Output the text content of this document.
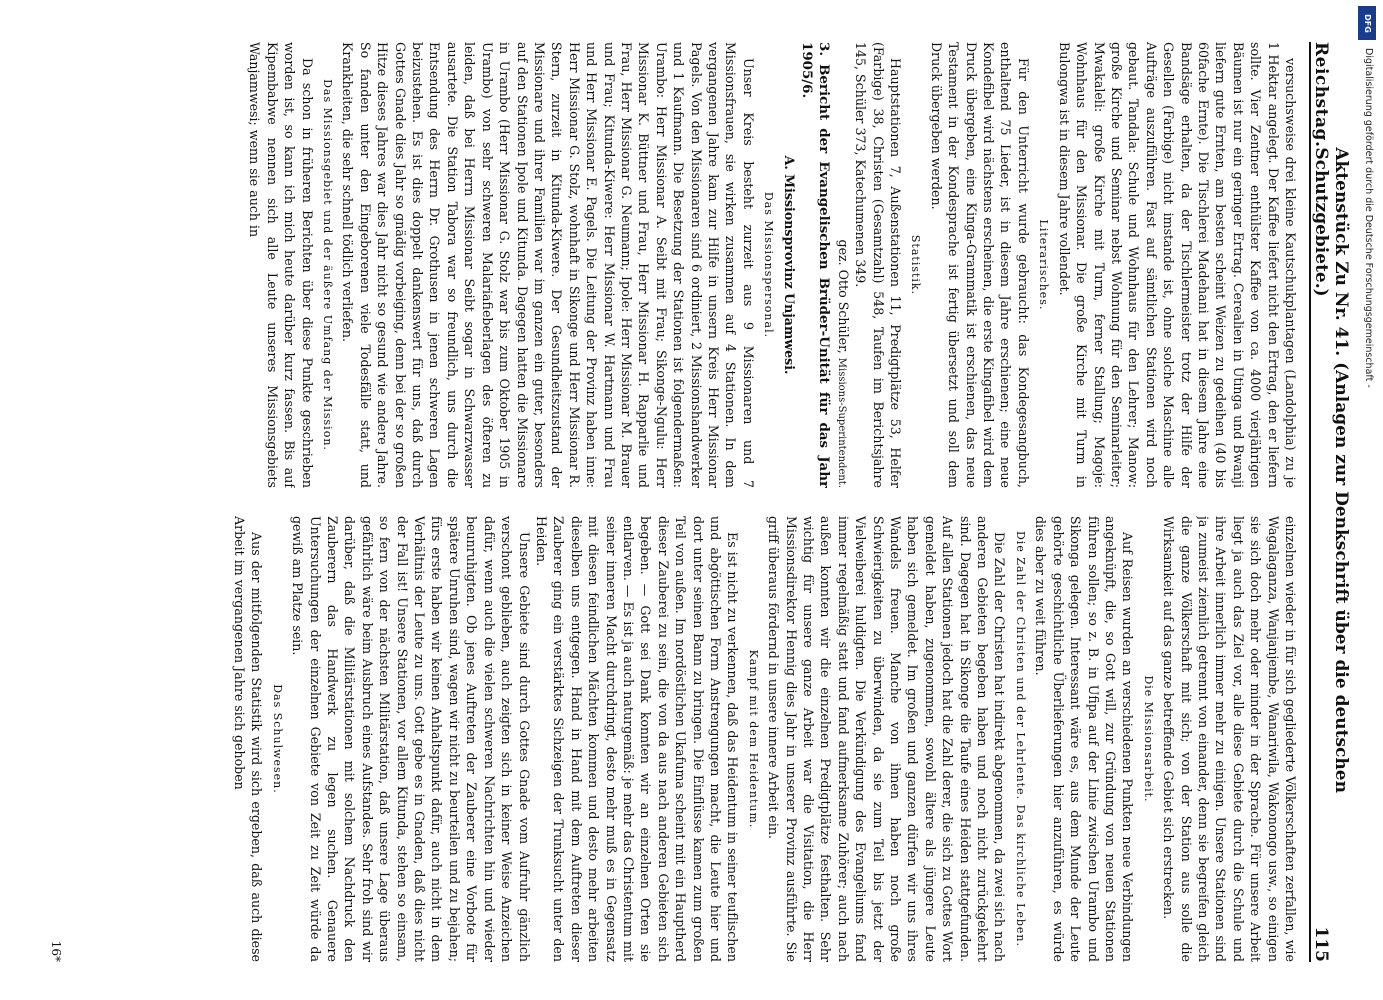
Reichstag.
Aktenstück Zu Nr. 41. (Anlagen zur Denkschrift über die deutschen Schutzgebiete.)
115

versuchsweise drei kleine Kautschukplantagen (Landolphia) zu je 1 Hektar angelegt. Der Kaffee liefert nicht den Ertrag, den er liefern sollte. Vier Zentner enthülster Kaffee von ca. 4000 vierjährigen Bäumen ist nur ein geringer Ertrag. Cerealien in Utinga und Bwanji liefern gute Ernten, am besten scheint Weizen zu gedeihen (40 bis 60fache Ernte). Die Tischlerei Madehani hat in diesem Jahre eine Bandsäge erhalten, da der Tischlermeister trotz der Hilfe der Gesellen (Farbige) nicht imstande ist, ohne solche Maschine alle Aufträge auszuführen. Fast auf sämtlichen Stationen wird noch gebaut. Tandala: Schule und Wohnhaus für den Lehrer; Manow: große Kirche und Seminar nebst Wohnung für den Seminarleiter; Mwakaleli: große Kirche mit Turm, ferner Stallung; Magoje: Wohnhaus für den Missionar. Die große Kirche mit Turm in Bulongwa ist in diesem Jahre vollendet.

Literarisches.

Für den Unterricht wurde gebraucht: das Kondegesangbuch, enthaltend 75 Lieder, ist in diesem Jahre erschienen; eine neue Kondefibel wird nächstens erscheinen, die erste Kingafibel wird dem Druck übergeben, eine Kinga-Grammatik ist erschienen, das neue Testament in der Kondesprache ist fertig übersetzt und soll dem Druck übergeben werden.

Statistik.

Hauptstationen 7, Außenstationen 11, Predigtplätze 53, Helfer (Farbige) 38, Christen (Gesamtzahl) 548, Taufen im Berichtsjahre 145, Schüler 373, Katechumenen 349.

gez. Otto Schüler, Missions-Superintendent.

3. Bericht der Evangelischen Brüder-Unität für das Jahr 1905/6.

A. Missionsprovinz Unjamwesi.

Das Missionspersonal.

Unser Kreis besteht zurzeit aus 9 Missionaren und 7 Missionsfrauen, sie wirken zusammen auf 4 Stationen. In dem vergangenen Jahre kam zur Hilfe in unsern Kreis Herr Missionar Pagels. Von den Missionaren sind 6 ordiniert, 2 Missionshandwerker und 1 Kaufmann. Die Besetzung der Stationen ist folgendermaßen: Urambo: Herr Missionar A. Seibt mit Frau; Sikonge-Ngulu: Herr Missionar K. Büttner und Frau, Herr Missionar H. Rapparlie und Frau, Herr Missionar G. Neumann; Ipole: Herr Missionar M. Brauer und Frau; Kitunda-Kiwere: Herr Missionar W. Hartmann und Frau und Herr Missionar E. Pagels. Die Leitung der Provinz haben inne: Herr Missionar G. Stolz, wohnhaft in Sikonge und Herr Missionar R. Stern, zurzeit in Kitunda-Kiwere. Der Gesundheitszustand der Missionare und ihrer Familien war im ganzen ein guter, besonders auf den Stationen Ipole und Kitunda. Dagegen hatten die Missionare in Urambo (Herr Missionar G. Stolz war bis zum Oktober 1905 in Urambo) von sehr schweren Malariafieberlagen des öfteren zu leiden, daß bei Herrn Missionar Seibt sogar in Schwarzwasser ausartete. Die Station Tabora war so freundlich, uns durch die Entsendung des Herrn Dr. Grothusen in jenen schweren Lagen beizustehen. Es ist dies doppelt dankenswert für uns, daß durch Gottes Gnade dies Jahr so gnädig vorbeiging, denn bei der so großen Hitze dieses Jahres war dies Jahr nicht so gesund wie andere Jahre. So fanden unter den Eingeborenen viele Todesfälle statt, und Krankheiten, die sehr schnell tödlich verliefen.

Das Missionsgebiet und der äußere Umfang der Mission.

Da schon in früheren Berichten über diese Punkte geschrieben worden ist, so kann ich mich heute darüber kurz fassen. Bis auf Kipembabwe nennen sich alle Leute unseres Missionsgebiets Wanjamwesi; wenn sie auch in

einzelnen wieder in für sich gegliederte Völkerschaften zerfallen, wie Wagalaganza, Wanjanjembe, Wanariwila, Wakonongo usw., so einigen sie sich doch mehr oder minder in der Sprache. Für unsere Arbeit liegt ja auch das Ziel vor, alle diese Gebiete durch die Schule und ihre Arbeit innerlich immer mehr zu einigen. Unsere Stationen sind ja zumeist ziemlich getrennt von einander, denn sie begreifen gleich die ganze Völkerschaft mit sich; von der Station aus solle die Wirksamkeit auf das ganze betreffende Gebiet sich erstrecken.

Die Missionsarbeit.

Auf Reisen wurden an verschiedenen Punkten neue Verbindungen angeknüpft, die, so Gott will, zur Gründung von neuen Stationen führen sollen; so z. B. in Ufipa auf der Linie zwischen Urambo und Sikonga gelegen. Interessant wäre es, aus dem Munde der Leute gehörte geschichtliche Überlieferungen hier anzuführen, es würde dies aber zu weit führen.

Die Zahl der Christen und der Lehrlente. Das kirchliche Leben.

Die Zahl der Christen hat indirekt abgenommen, da zwei sich nach anderen Gebieten begeben haben und noch nicht zurückgekehrt sind. Dagegen hat in Sikonge die Taufe eines Heiden stattgefunden. Auf allen Stationen jedoch hat die Zahl derer, die sich zu Gottes Wort gemeldet haben, zugenommen, sowohl ältere als jüngere Leute haben sich gemeldet. Im großen und ganzen dürfen wir uns ihres Wandels freuen. Manche von ihnen haben noch große Schwierigkeiten zu überwinden, da sie zum Teil bis jetzt der Vielweiberei huldigten. Die Verkündigung des Evangeliums fand immer regelmäßig statt und fand aufmerksame Zuhörer; auch nach außen konnten wir die einzelnen Predigtplätze festhalten. Sehr wichtig für unsere ganze Arbeit war die Visitation, die Herr Missionsdirektor Hennig dies Jahr in unserer Provinz ausführte. Sie griff überaus fördernd in unsere innere Arbeit ein.

Kampf mit dem Heidentum.

Es ist nicht zu verkennen, daß das Heidentum in seiner teuflischen und abgöttischen Form Anstrengungen macht, die Leute hier und dort unter seinen Bann zu bringen. Die Einflüsse kamen zum großen Teil von außen. Im nordöstlichen Ukafuma scheint mit ein Hauptherd dieser Zauberei zu sein, die von da aus nach anderen Gebieten sich begeben. — Gott sei Dank konnten wir an einzelnen Orten sie entlarven. — Es ist ja auch naturgemäß: je mehr das Christentum mit seiner inneren Macht durchdringt, desto mehr muß es in Gegensatz mit diesen feindlichen Mächten kommen und desto mehr arbeiten dieselben uns entgegen. Hand in Hand mit dem Auftreten dieser Zauberer ging ein verstärktes Sichzeigen der Trunksucht unter den Heiden.

Unsere Gebiete sind durch Gottes Gnade vom Aufruhr gänzlich verschont geblieben, auch zeigten sich in keiner Weise Anzeichen dafür, wenn auch die vielen schweren Nachrichten hin und wieder beunruhigten. Ob jenes Auftreten der Zauberer eine Vorbote für spätere Unruhen sind, wagen wir nicht zu beurteilen und zu bejahen; fürs erste haben wir keinen Anhaltspunkt dafür, auch nicht in dem Verhältnis der Leute zu uns. Gott gebe es in Gnaden, daß dies nicht der Fall ist! Unsere Stationen, vor allem Kitunda, stehen so einsam, so fern von der nächsten Militärstation, daß unsere Lage überaus gefährlich wäre beim Ausbruch eines Aufstandes. Sehr froh sind wir darüber, daß die Militärstationen mit solchem Nachdruck den Zauberern das Handwerk zu legen suchen. Genauere Untersuchungen der einzelnen Gebiete von Zeit zu Zeit würde da gewiß am Platze sein.

Das Schulwesen.

Aus der mitfolgenden Statistik wird sich ergeben, daß auch diese Arbeit im vergangenen Jahre sich gehoben

16*
DFG
Digitalisierung gefördert durch die Deutsche Forschungsgemeinschaft -
